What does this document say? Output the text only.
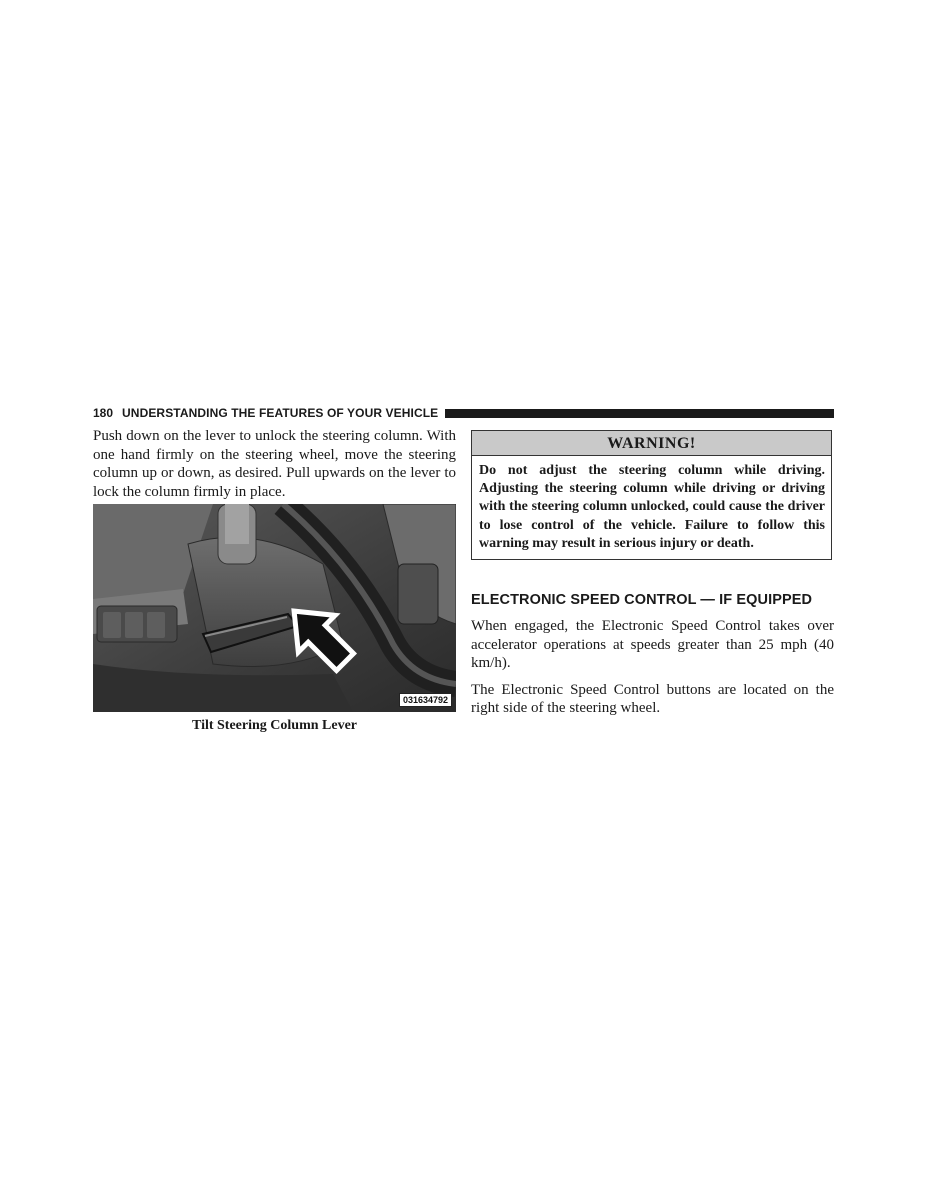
180 UNDERSTANDING THE FEATURES OF YOUR VEHICLE

Push down on the lever to unlock the steering column. With one hand firmly on the steering wheel, move the steering column up or down, as desired. Pull upwards on the lever to lock the column firmly in place.

031634792
Tilt Steering Column Lever
WARNING!
Do not adjust the steering column while driving. Adjusting the steering column while driving or driving with the steering column unlocked, could cause the driver to lose control of the vehicle. Failure to follow this warning may result in serious injury or death.
ELECTRONIC SPEED CONTROL — IF EQUIPPED

When engaged, the Electronic Speed Control takes over accelerator operations at speeds greater than 25 mph (40 km/h).

The Electronic Speed Control buttons are located on the right side of the steering wheel.
